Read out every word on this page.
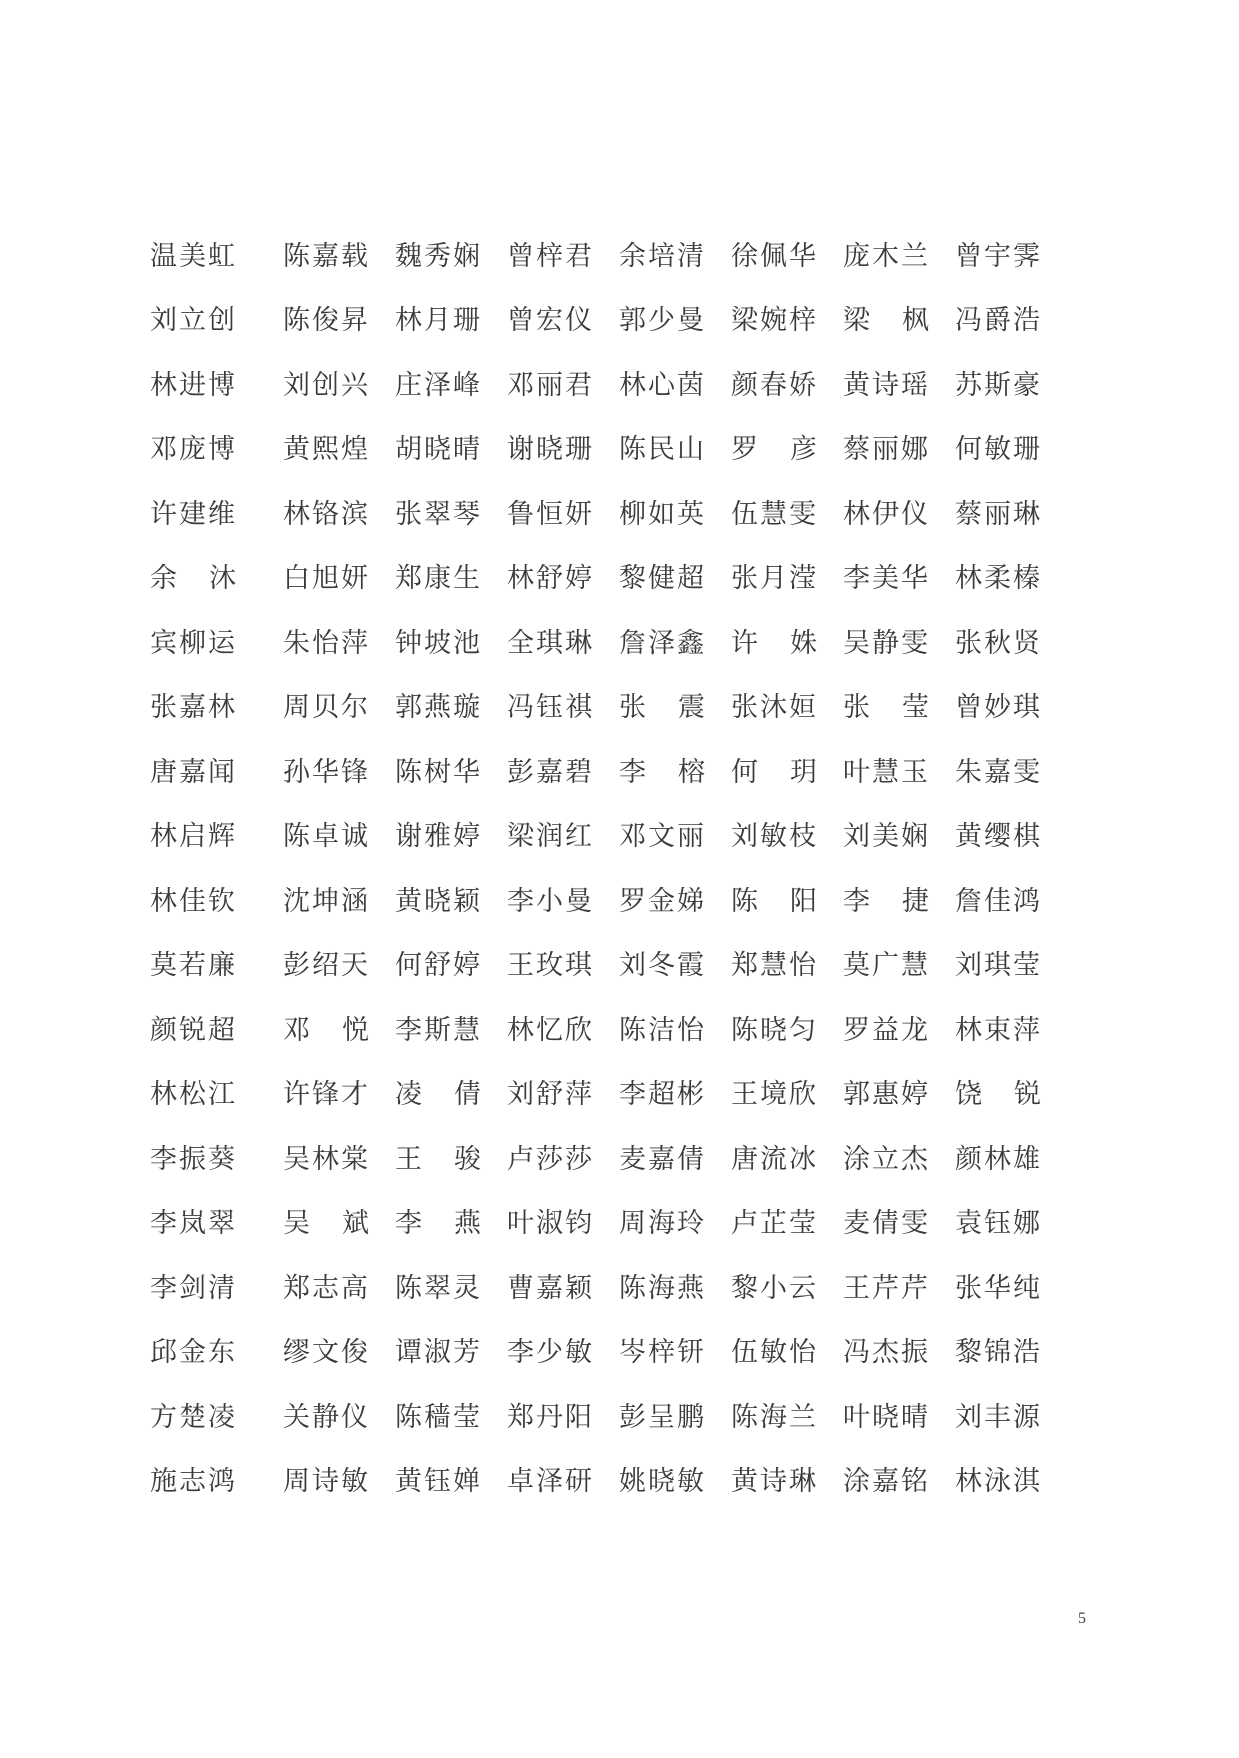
温美虹	陈嘉载 魏秀娴 曾梓君 余培清 徐佩华 庞木兰 曾宇霁
刘立创	陈俊昇 林月珊 曾宏仪 郭少曼 梁婉梓 梁 枫 冯爵浩
林进博	刘创兴 庄泽峰 邓丽君 林心茵 颜春娇 黄诗瑶 苏斯豪
邓庞博	黄熙煌 胡晓晴 谢晓珊 陈民山 罗 彦 蔡丽娜 何敏珊
许建维	林铬滨 张翠琴 鲁恒妍 柳如英 伍慧雯 林伊仪 蔡丽琳
余 沐 白旭妍 郑康生 林舒婷 黎健超 张月滢 李美华 林柔榛
宾柳运	朱怡萍 钟坡池 全琪琳 詹泽鑫 许 姝 吴静雯 张秋贤
张嘉林	周贝尔 郭燕璇 冯钰祺 张 震 张沐姮 张 莹 曾妙琪
唐嘉闻	孙华锋 陈树华 彭嘉碧 李 榕 何 玥 叶慧玉 朱嘉雯
林启辉	陈卓诚 谢雅婷 梁润红 邓文丽 刘敏枝 刘美娴 黄缨棋
林佳钦	沈坤涵 黄晓颖 李小曼 罗金娣 陈 阳 李 捷 詹佳鸿
莫若廉	彭绍天 何舒婷 王玫琪 刘冬霞 郑慧怡 莫广慧 刘琪莹
颜锐超	邓 悦 李斯慧 林忆欣 陈洁怡 陈晓匀 罗益龙 林束萍
林松江	许锋才 凌 倩 刘舒萍 李超彬 王境欣 郭惠婷 饶 锐
李振葵	吴林棠 王 骏 卢莎莎 麦嘉倩 唐流冰 涂立杰 颜林雄
李岚翠	吴 斌 李 燕 叶淑钧 周海玲 卢芷莹 麦倩雯 袁钰娜
李剑清	郑志高 陈翠灵 曹嘉颖 陈海燕 黎小云 王芹芹 张华纯
邱金东	缪文俊 谭淑芳 李少敏 岑梓钘 伍敏怡 冯杰振 黎锦浩
方楚凌	关静仪 陈穑莹 郑丹阳 彭呈鹏 陈海兰 叶晓晴 刘丰源
施志鸿	周诗敏 黄钰婵 卓泽研 姚晓敏 黄诗琳 涂嘉铭 林泳淇
5
